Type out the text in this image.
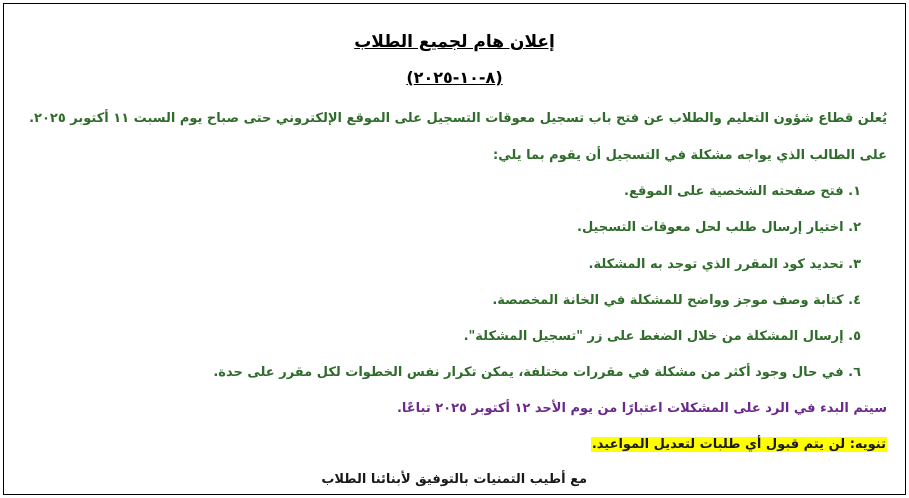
إعلان هام لجميع الطلاب
(٨-١٠-٢٠٢٥)
يُعلن قطاع شؤون التعليم والطلاب عن فتح باب تسجيل معوقات التسجيل على الموقع الإلكتروني حتى صباح يوم السبت ١١ أكتوبر ٢٠٢٥.
على الطالب الذي يواجه مشكلة في التسجيل أن يقوم بما يلي:
١. فتح صفحته الشخصية على الموقع.
٢. اختيار إرسال طلب لحل معوقات التسجيل.
٣. تحديد كود المقرر الذي توجد به المشكلة.
٤. كتابة وصف موجز وواضح للمشكلة في الخانة المخصصة.
٥. إرسال المشكلة من خلال الضغط على زر "تسجيل المشكلة".
٦. في حال وجود أكثر من مشكلة في مقررات مختلفة، يمكن تكرار نفس الخطوات لكل مقرر على حدة.
سيتم البدء في الرد على المشكلات اعتبارًا من يوم الأحد ١٢ أكتوبر ٢٠٢٥ تباعًا.
تنويه: لن يتم قبول أي طلبات لتعديل المواعيد.
مع أطيب التمنيات بالتوفيق لأبنائنا الطلاب
